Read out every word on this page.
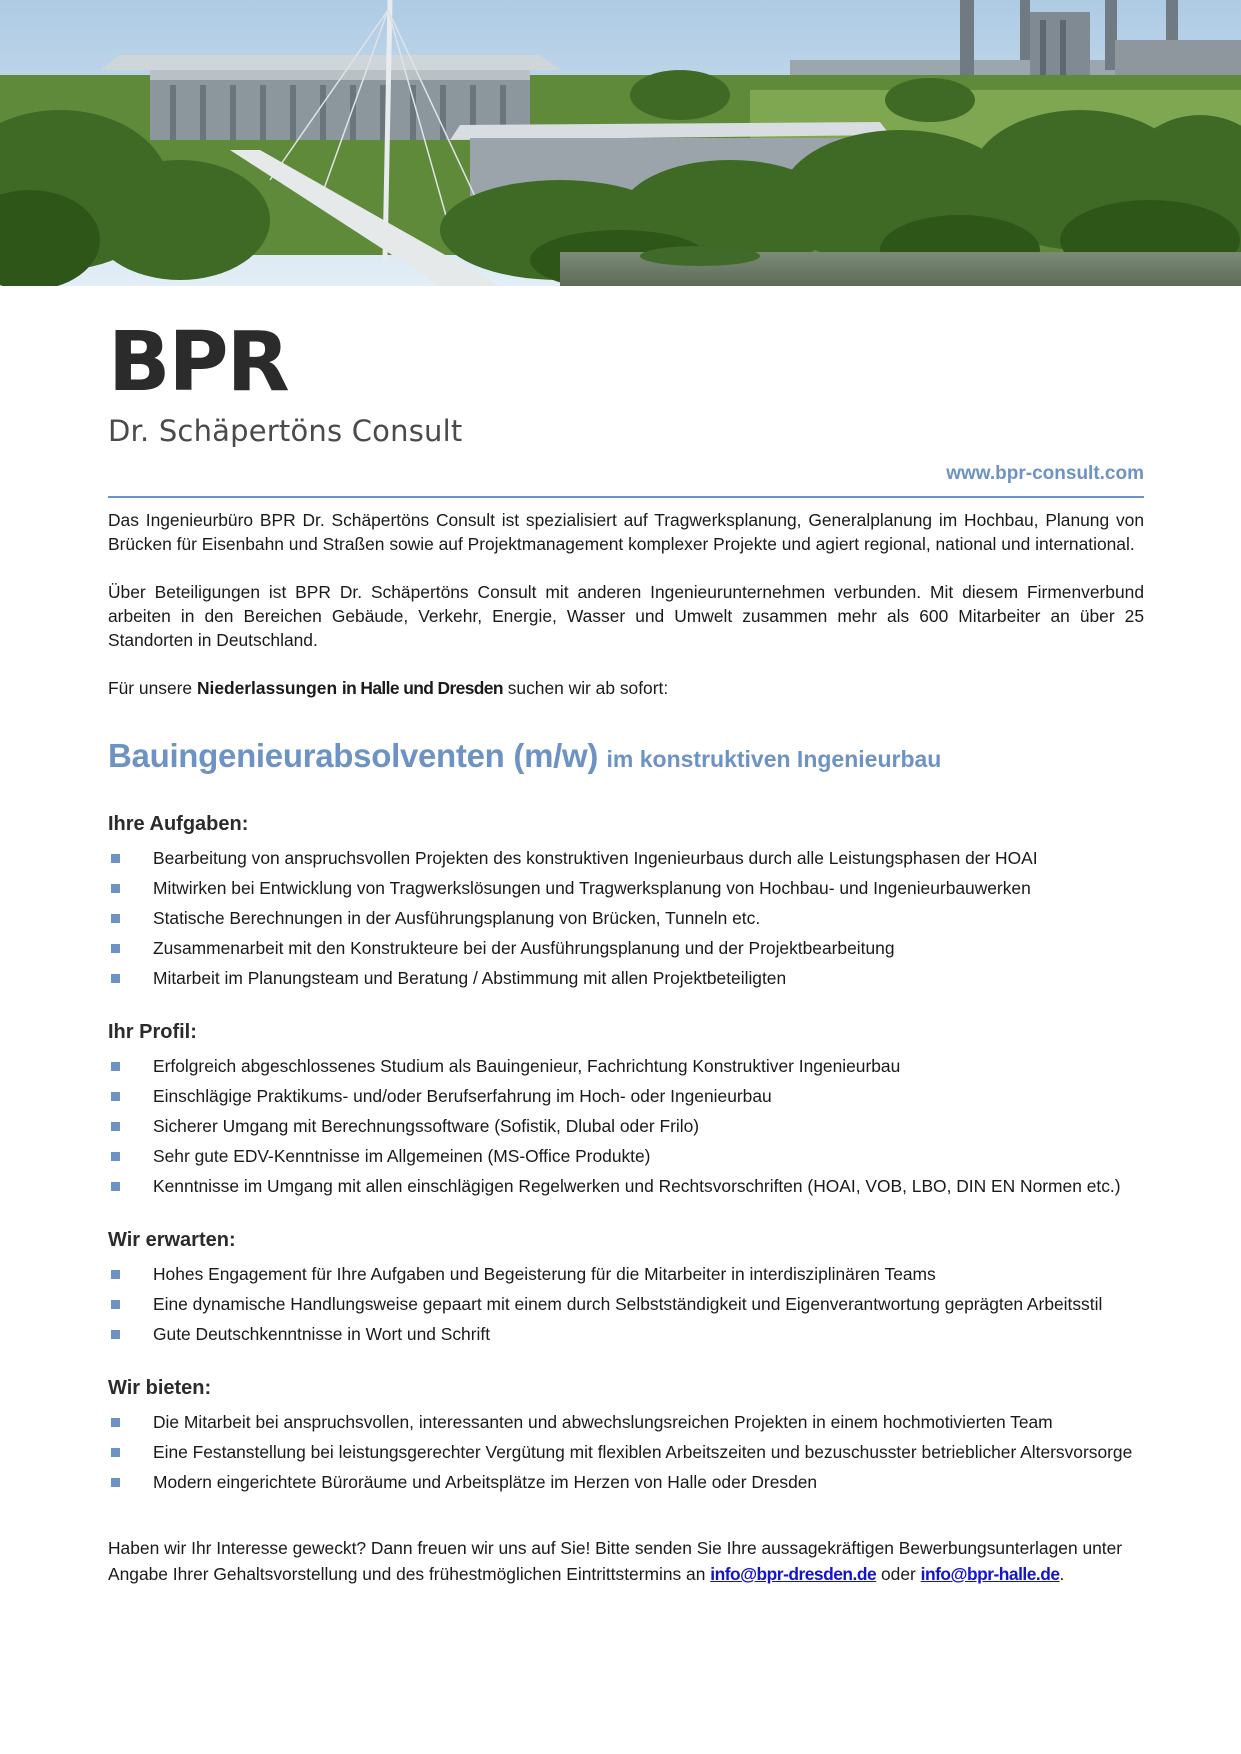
BPR
Dr. Schäpertöns Consult
www.bpr-consult.com

Das Ingenieurbüro BPR Dr. Schäpertöns Consult ist spezialisiert auf Tragwerksplanung, Generalplanung im Hochbau, Planung von Brücken für Eisenbahn und Straßen sowie auf Projektmanagement komplexer Projekte und agiert regional, national und international.

Über Beteiligungen ist BPR Dr. Schäpertöns Consult mit anderen Ingenieurunternehmen verbunden. Mit diesem Firmenverbund arbeiten in den Bereichen Gebäude, Verkehr, Energie, Wasser und Umwelt zusammen mehr als 600 Mitarbeiter an über 25 Standorten in Deutschland.

Für unsere Niederlassungen in Halle und Dresden suchen wir ab sofort:

Bauingenieurabsolventen (m/w) im konstruktiven Ingenieurbau
Ihre Aufgaben:
Bearbeitung von anspruchsvollen Projekten des konstruktiven Ingenieurbaus durch alle Leistungsphasen der HOAI
Mitwirken bei Entwicklung von Tragwerkslösungen und Tragwerksplanung von Hochbau- und Ingenieurbauwerken
Statische Berechnungen in der Ausführungsplanung von Brücken, Tunneln etc.
Zusammenarbeit mit den Konstrukteure bei der Ausführungsplanung und der Projektbearbeitung
Mitarbeit im Planungsteam und Beratung / Abstimmung mit allen Projektbeteiligten
Ihr Profil:
Erfolgreich abgeschlossenes Studium als Bauingenieur, Fachrichtung Konstruktiver Ingenieurbau
Einschlägige Praktikums- und/oder Berufserfahrung im Hoch- oder Ingenieurbau
Sicherer Umgang mit Berechnungssoftware (Sofistik, Dlubal oder Frilo)
Sehr gute EDV-Kenntnisse im Allgemeinen (MS-Office Produkte)
Kenntnisse im Umgang mit allen einschlägigen Regelwerken und Rechtsvorschriften (HOAI, VOB, LBO, DIN EN Normen etc.)
Wir erwarten:
Hohes Engagement für Ihre Aufgaben und Begeisterung für die Mitarbeiter in interdisziplinären Teams
Eine dynamische Handlungsweise gepaart mit einem durch Selbstständigkeit und Eigenverantwortung geprägten Arbeitsstil
Gute Deutschkenntnisse in Wort und Schrift
Wir bieten:
Die Mitarbeit bei anspruchsvollen, interessanten und abwechslungsreichen Projekten in einem hochmotivierten Team
Eine Festanstellung bei leistungsgerechter Vergütung mit flexiblen Arbeitszeiten und bezuschusster betrieblicher Altersvorsorge
Modern eingerichtete Büroräume und Arbeitsplätze im Herzen von Halle oder Dresden

Haben wir Ihr Interesse geweckt? Dann freuen wir uns auf Sie! Bitte senden Sie Ihre aussagekräftigen Bewerbungsunterlagen unter Angabe Ihrer Gehaltsvorstellung und des frühestmöglichen Eintrittstermins an info@bpr-dresden.de oder info@bpr-halle.de.
